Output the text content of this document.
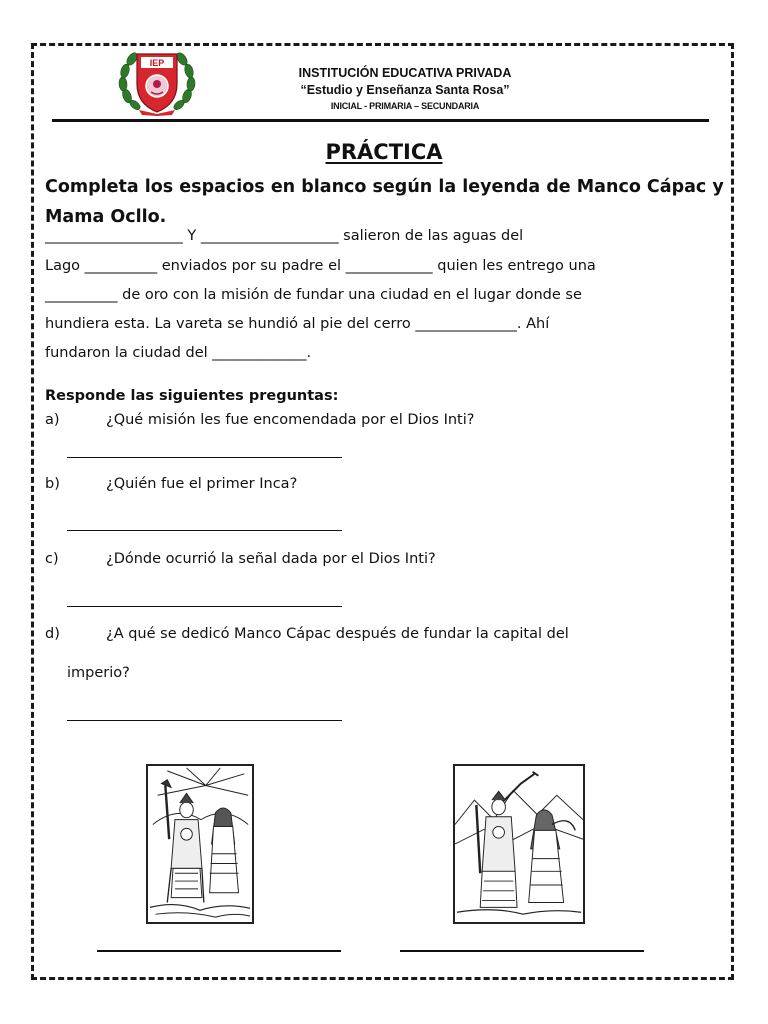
IEP
INSTITUCIÓN EDUCATIVA PRIVADA
“Estudio y Enseñanza Santa Rosa”
INICIAL - PRIMARIA – SECUNDARIA
PRÁCTICA
Completa los espacios en blanco según la leyenda de Manco Cápac y Mama Ocllo.
___________________ Y ___________________ salieron de las aguas del
Lago __________ enviados por su padre el ____________ quien les entrego una
__________ de oro con la misión de fundar una ciudad en el lugar donde se
hundiera esta. La vareta se hundió al pie del cerro ______________. Ahí
fundaron la ciudad del _____________.
Responde las siguientes preguntas:
a)	¿Qué misión les fue encomendada por el Dios Inti?
b)	¿Quién fue el primer Inca?
c)	¿Dónde ocurrió la señal dada por el Dios Inti?
d)	¿A qué se dedicó Manco Cápac después de fundar la capital del
imperio?
